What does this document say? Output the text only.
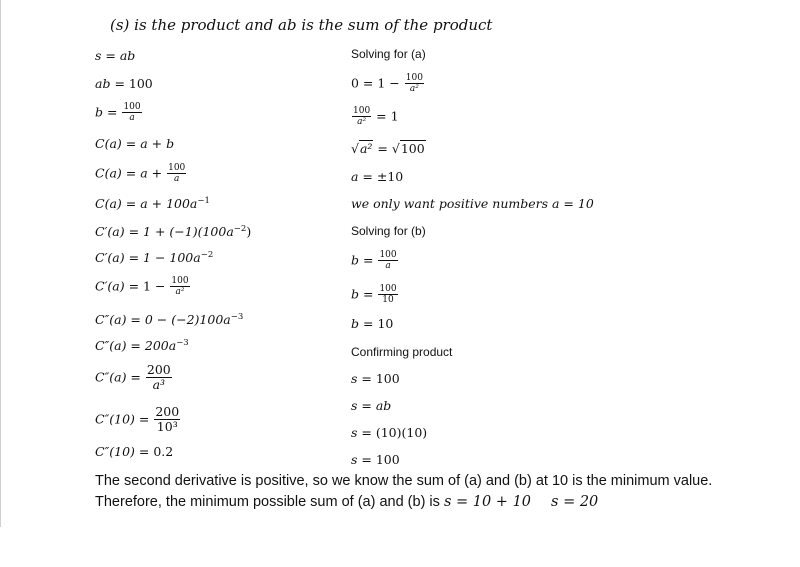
(s) is the product and ab is the sum of the product
s = ab
ab = 100
$b = \frac{100}{a}$
C(a) = a + b
$C(a) = a + \frac{100}{a}$
$C(a) = a + 100a^{-1}$
$C'(a) = 1 + (-1)(100a^{-2})$
$C'(a) = 1 - 100a^{-2}$
$C'(a) = 1 - \frac{100}{\text{a²}}$
$C''(a) = 0 - (-2)100a^{-3}$
$C''(a) = 200a^{-3}$
$C''(a) = \frac{200}{\text{a³}}$
$C''(10) = \frac{200}{\text{10³}}$
C″(10) = 0.2
Solving for (a)
$0 = 1 - \frac{100}{\text{a²}}$
$\frac{100}{\text{a²}} = 1$
√a² = √100
a = ±10
we only want positive numbers a = 10
Solving for (b)
$b = \frac{100}{a}$
$b = \frac{100}{10}$
b = 10
Confirming product
s = 100
s = ab
s = (10)(10)
s = 100
The second derivative is positive, so we know the sum of (a) and (b) at 10 is the minimum value.
Therefore, the minimum possible sum of (a) and (b) is s = 10 + 10 s = 20
